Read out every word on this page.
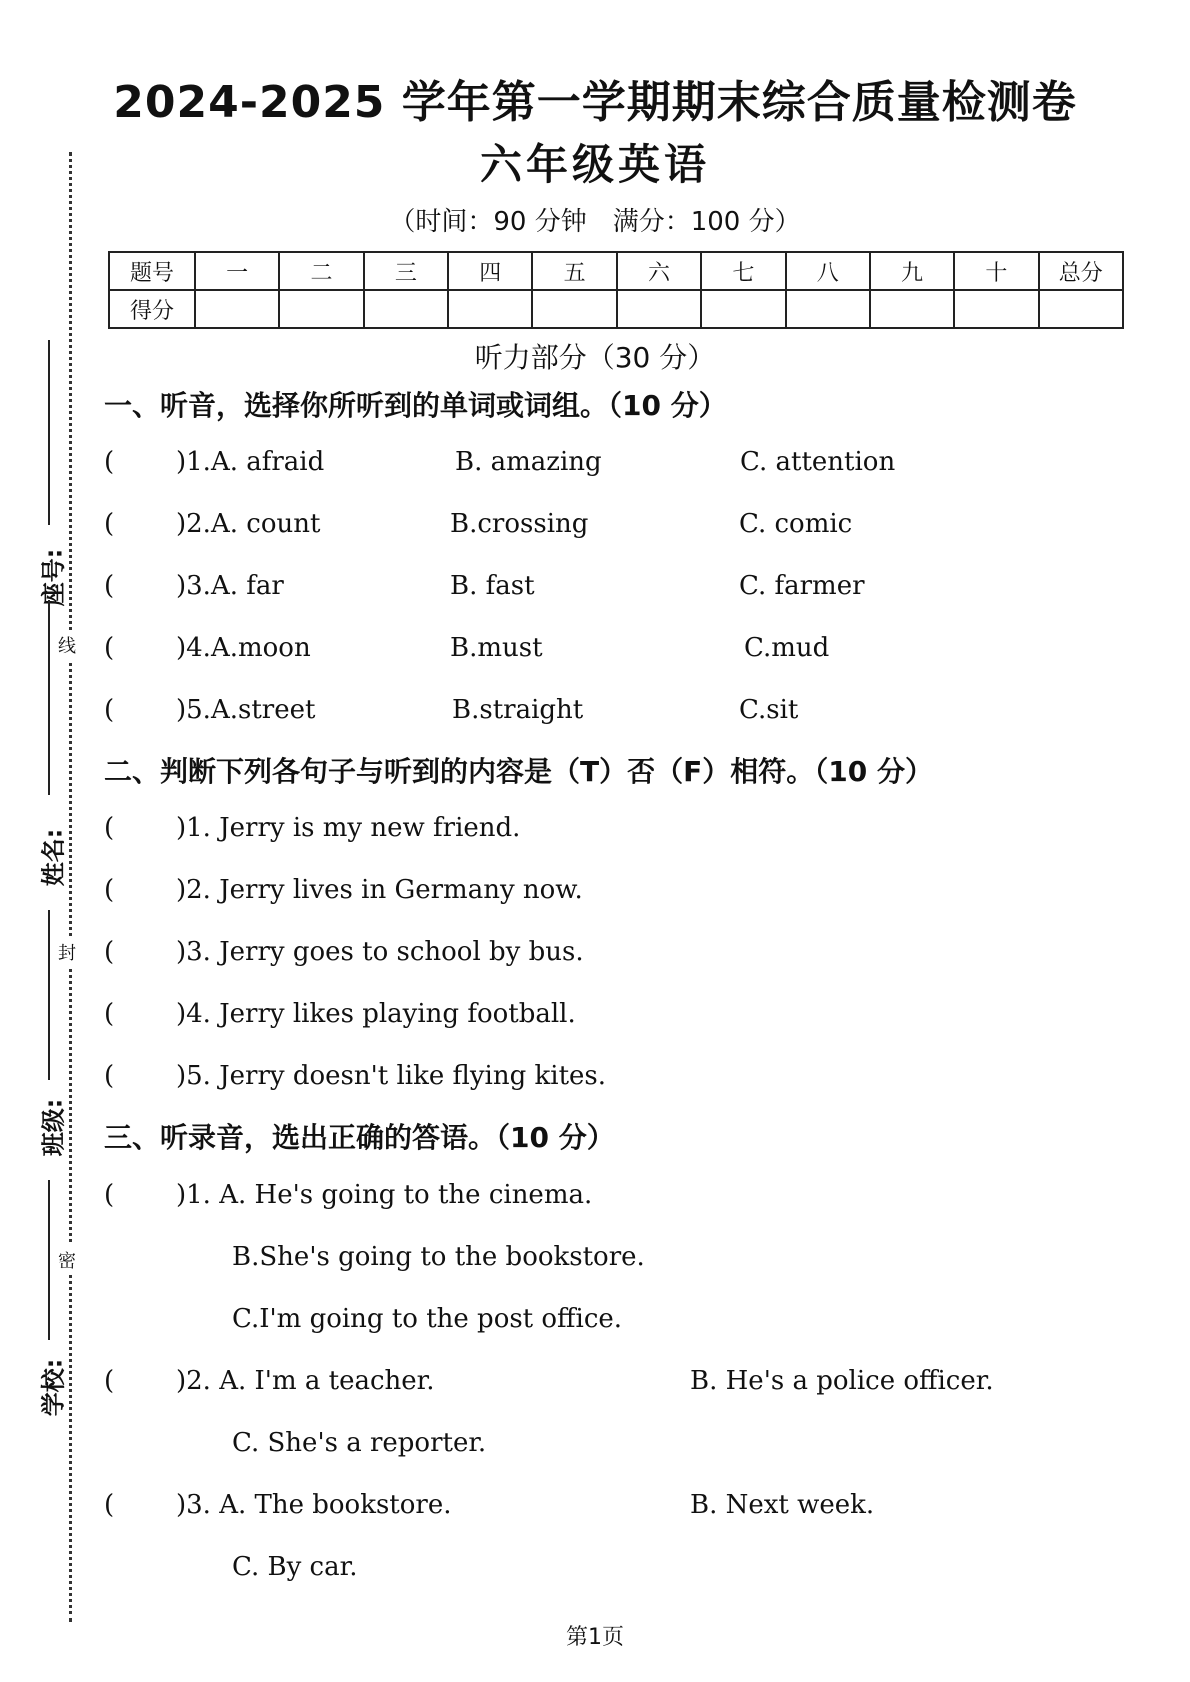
线
封
密
座号:
姓名:
班级:
学校:
2024-2025 学年第一学期期末综合质量检测卷
六年级英语
（时间：90 分钟　满分：100 分）
题号	一	二	三	四	五	六	七	八	九	十	总分
得分											
听力部分（30 分）
一、听音，选择你所听到的单词或词组。（10 分）
( )1.A. afraid	B. amazing	C. attention
( )2.A. count	B.crossing	C. comic
( )3.A. far	B. fast	C. farmer
( )4.A.moon	B.must	C.mud
( )5.A.street	B.straight	C.sit
二、判断下列各句子与听到的内容是（T）否（F）相符。（10 分）
( )1. Jerry is my new friend.
( )2. Jerry lives in Germany now.
( )3. Jerry goes to school by bus.
( )4. Jerry likes playing football.
( )5. Jerry doesn't like flying kites.
三、听录音，选出正确的答语。（10 分）
( )1. A. He's going to the cinema.
B.She's going to the bookstore.
C.I'm going to the post office.
( )2. A. I'm a teacher.	B. He's a police officer.
C. She's a reporter.
( )3. A. The bookstore.	B. Next week.
C. By car.
第1页
